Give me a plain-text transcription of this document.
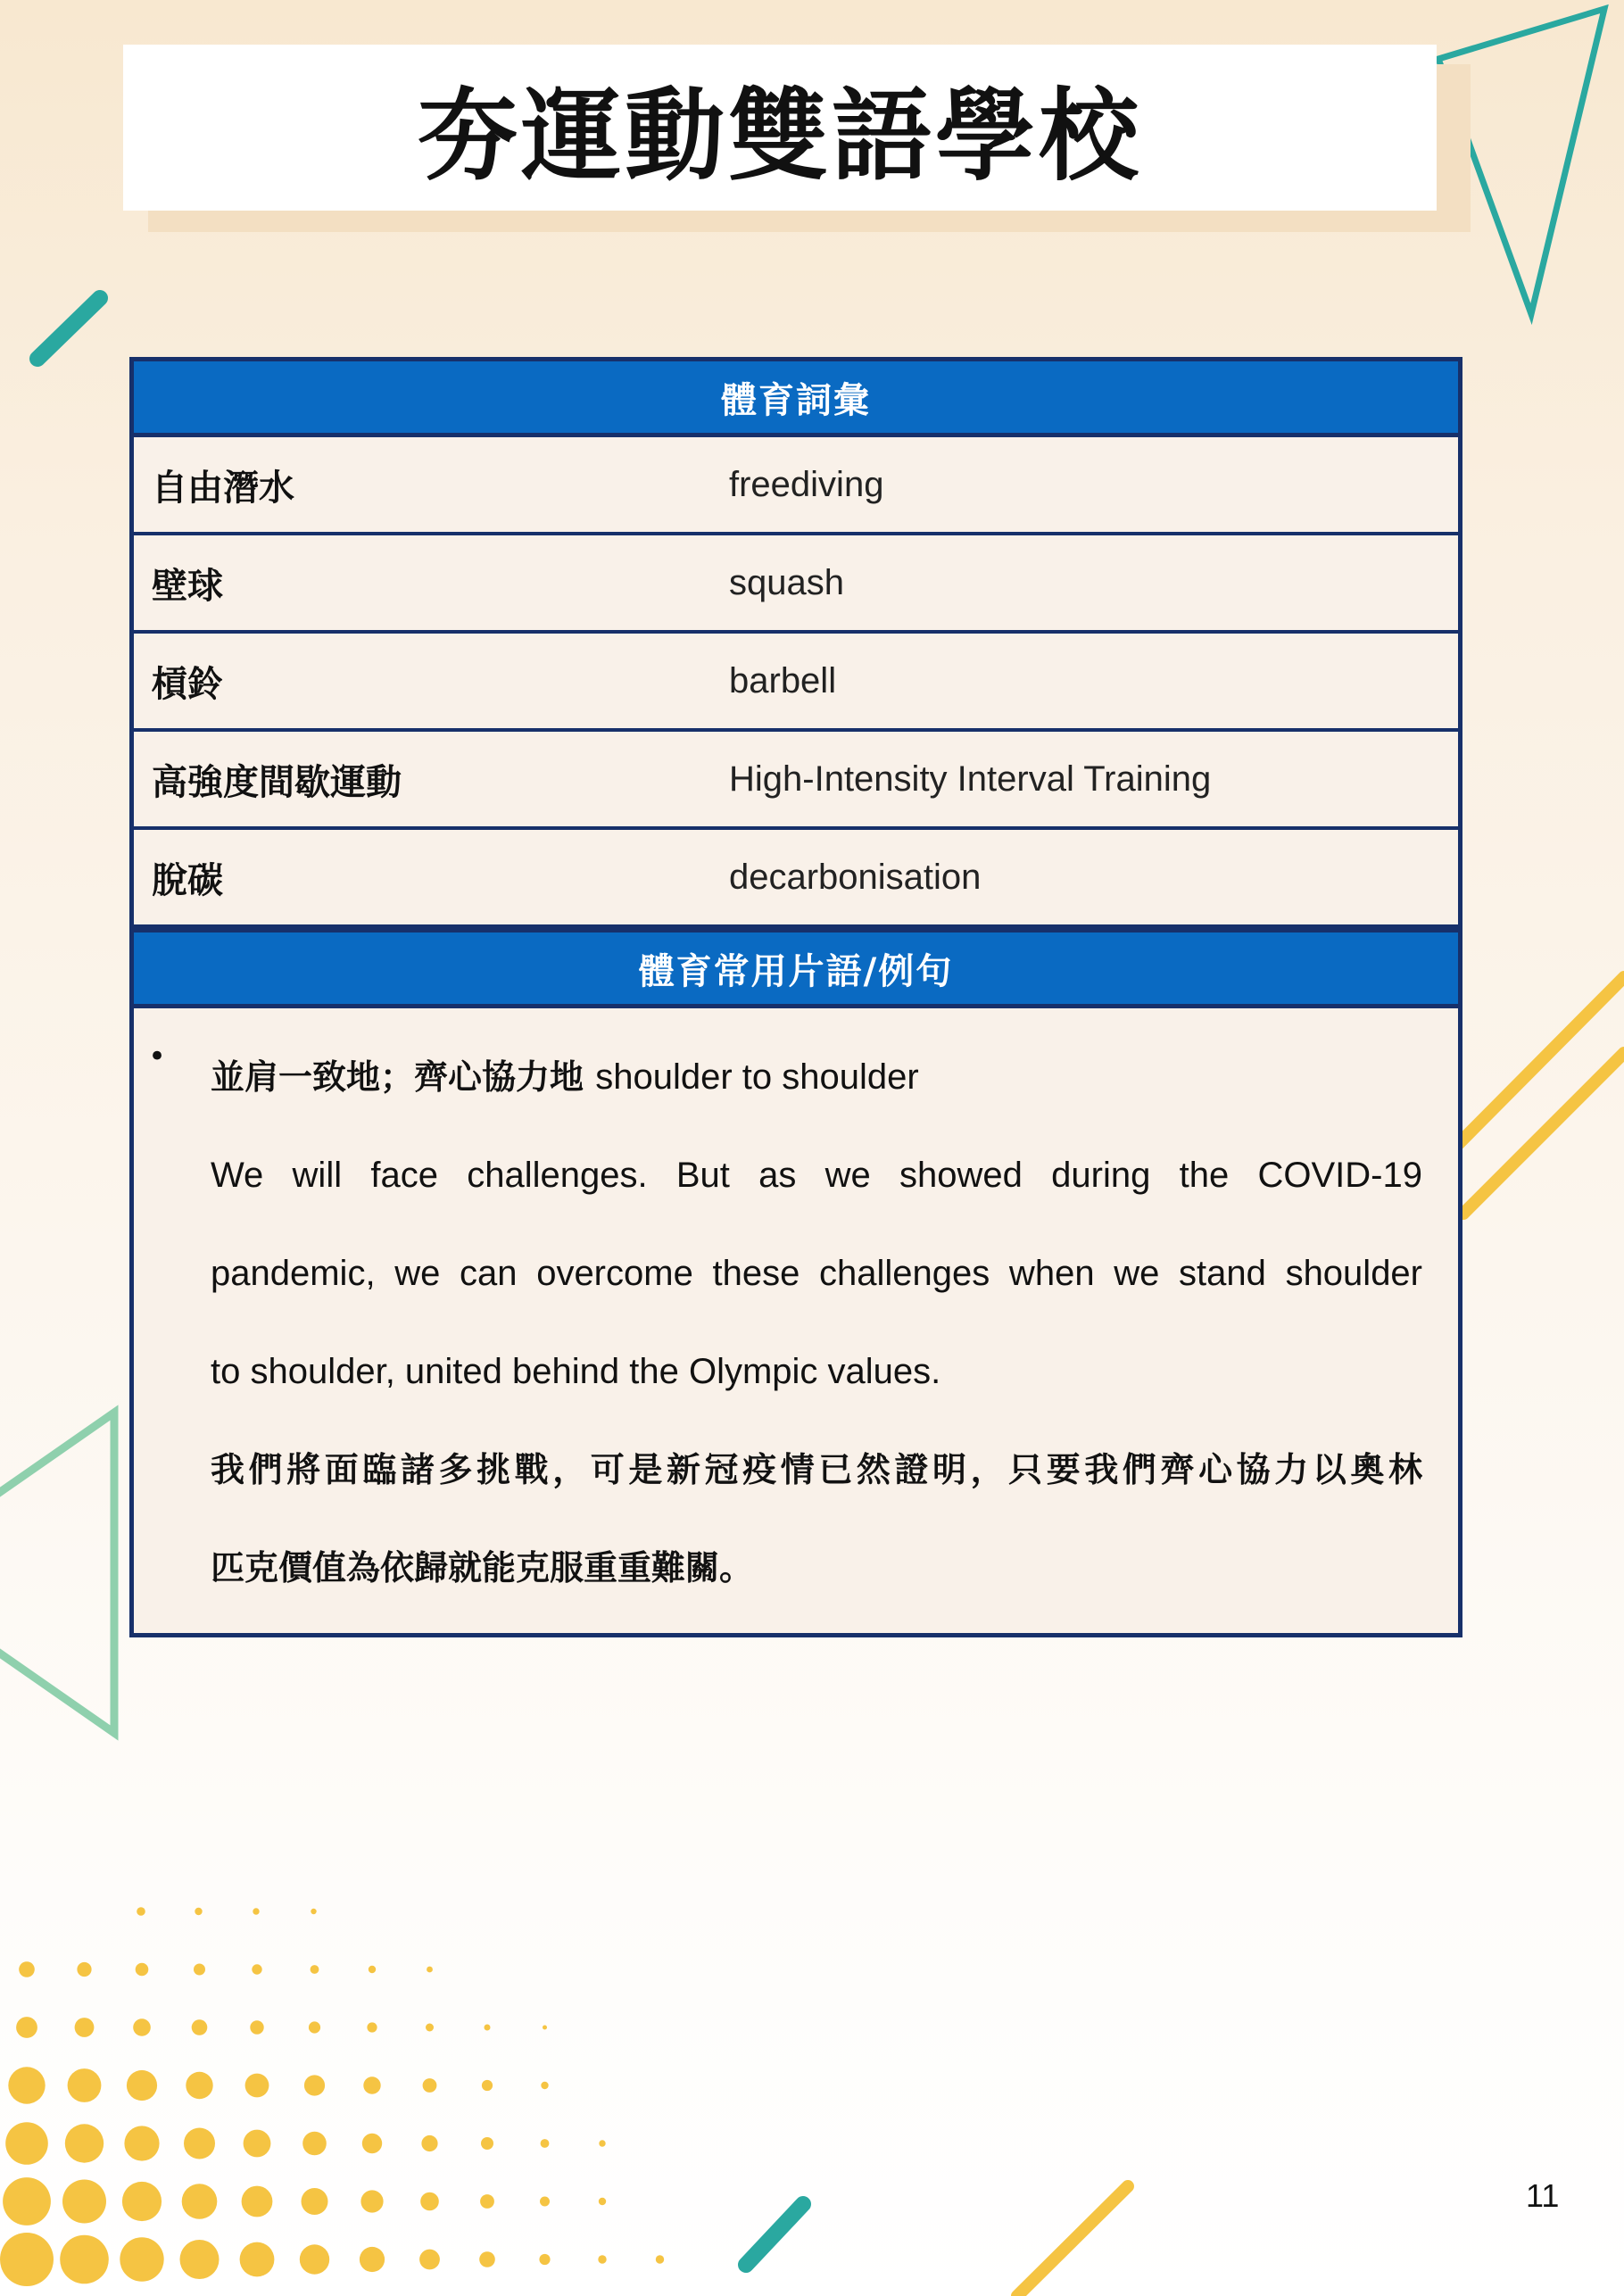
夯運動雙語學校
體育詞彙
自由潛水	freediving
壁球	squash
槓鈴	barbell
高強度間歇運動	High-Intensity Interval Training
脫碳	decarbonisation
體育常用片語/例句
•
並肩一致地；齊心協力地 shoulder to shoulder
We will face challenges. But as we showed during the COVID-19
pandemic, we can overcome these challenges when we stand shoulder
to shoulder, united behind the Olympic values.
我們將面臨諸多挑戰，可是新冠疫情已然證明，只要我們齊心協力以奧林
匹克價值為依歸就能克服重重難關。
11
